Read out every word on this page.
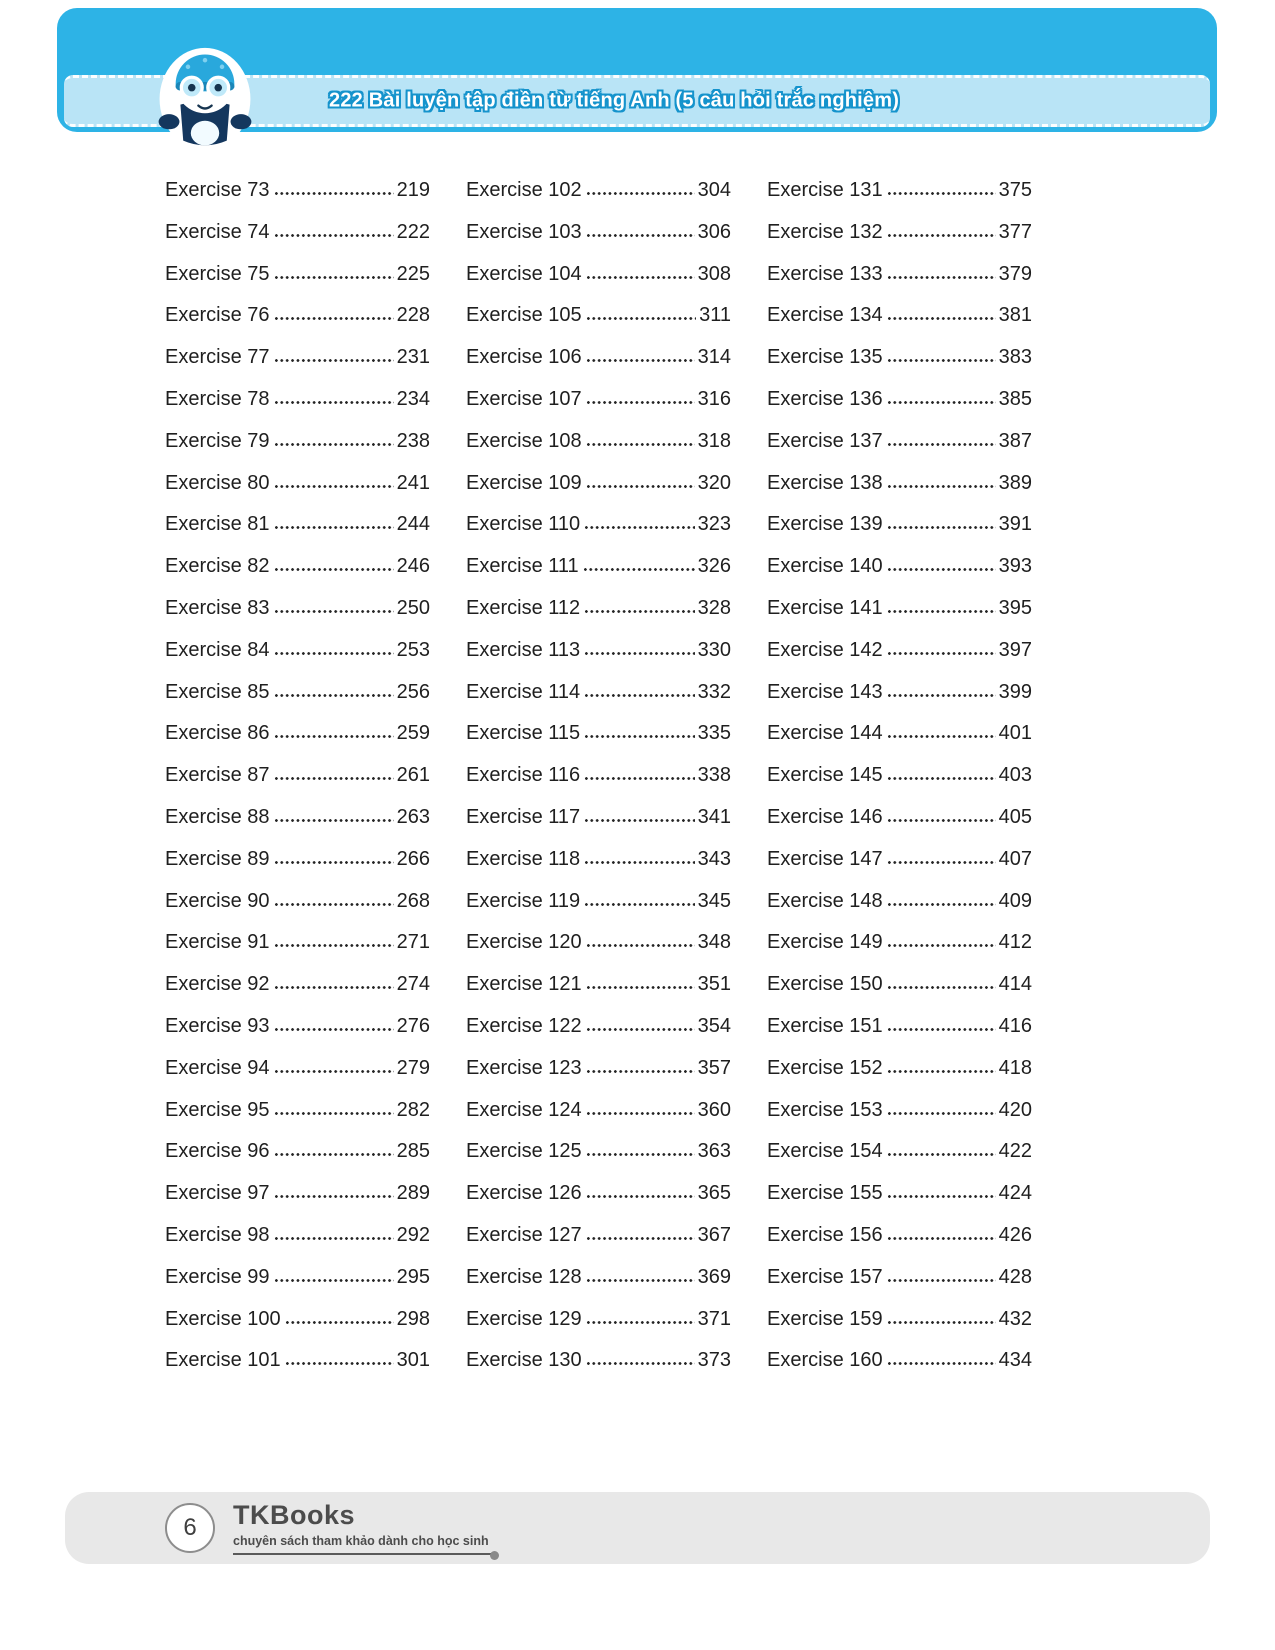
222 Bài luyện tập điền từ tiếng Anh (5 câu hỏi trắc nghiệm)
Exercise 73	219
Exercise 74	222
Exercise 75	225
Exercise 76	228
Exercise 77	231
Exercise 78	234
Exercise 79	238
Exercise 80	241
Exercise 81	244
Exercise 82	246
Exercise 83	250
Exercise 84	253
Exercise 85	256
Exercise 86	259
Exercise 87	261
Exercise 88	263
Exercise 89	266
Exercise 90	268
Exercise 91	271
Exercise 92	274
Exercise 93	276
Exercise 94	279
Exercise 95	282
Exercise 96	285
Exercise 97	289
Exercise 98	292
Exercise 99	295
Exercise 100	298
Exercise 101	301
Exercise 102	304
Exercise 103	306
Exercise 104	308
Exercise 105	311
Exercise 106	314
Exercise 107	316
Exercise 108	318
Exercise 109	320
Exercise 110	323
Exercise 111	326
Exercise 112	328
Exercise 113	330
Exercise 114	332
Exercise 115	335
Exercise 116	338
Exercise 117	341
Exercise 118	343
Exercise 119	345
Exercise 120	348
Exercise 121	351
Exercise 122	354
Exercise 123	357
Exercise 124	360
Exercise 125	363
Exercise 126	365
Exercise 127	367
Exercise 128	369
Exercise 129	371
Exercise 130	373
Exercise 131	375
Exercise 132	377
Exercise 133	379
Exercise 134	381
Exercise 135	383
Exercise 136	385
Exercise 137	387
Exercise 138	389
Exercise 139	391
Exercise 140	393
Exercise 141	395
Exercise 142	397
Exercise 143	399
Exercise 144	401
Exercise 145	403
Exercise 146	405
Exercise 147	407
Exercise 148	409
Exercise 149	412
Exercise 150	414
Exercise 151	416
Exercise 152	418
Exercise 153	420
Exercise 154	422
Exercise 155	424
Exercise 156	426
Exercise 157	428
Exercise 159	432
Exercise 160	434
6 TKBooks
chuyên sách tham khảo dành cho học sinh
